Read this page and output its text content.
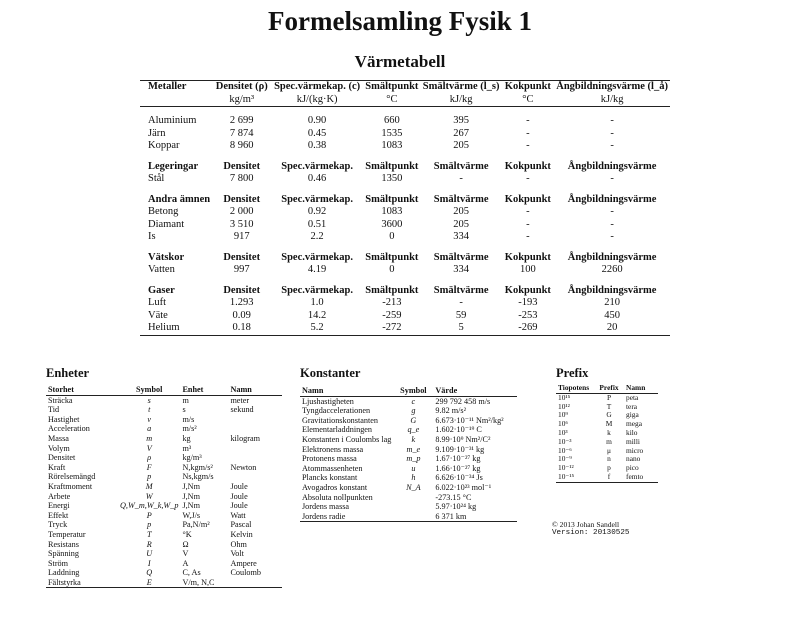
Formelsamling Fysik 1
Värmetabell
Metaller	Densitet (ρ)	Spec.värmekap. (c)	Smältpunkt	Smältvärme (l_s)	Kokpunkt	Ångbildningsvärme (l_å)
	kg/m³	kJ/(kg·K)	°C	kJ/kg	°C	kJ/kg

Aluminium	2 699	0.90	660	395	-	-
Järn	7 874	0.45	1535	267	-	-
Koppar	8 960	0.38	1083	205	-	-

Legeringar	Densitet	Spec.värmekap.	Smältpunkt	Smältvärme	Kokpunkt	Ångbildningsvärme
Stål	7 800	0.46	1350	-	-	-

Andra ämnen	Densitet	Spec.värmekap.	Smältpunkt	Smältvärme	Kokpunkt	Ångbildningsvärme
Betong	2 000	0.92	1083	205	-	-
Diamant	3 510	0.51	3600	205	-	-
Is	917	2.2	0	334	-	-

Vätskor	Densitet	Spec.värmekap.	Smältpunkt	Smältvärme	Kokpunkt	Ångbildningsvärme
Vatten	997	4.19	0	334	100	2260

Gaser	Densitet	Spec.värmekap.	Smältpunkt	Smältvärme	Kokpunkt	Ångbildningsvärme
Luft	1.293	1.0	-213	-	-193	210
Väte	0.09	14.2	-259	59	-253	450
Helium	0.18	5.2	-272	5	-269	20
Enheter
Storhet	Symbol	Enhet	Namn
Sträcka	s	m	meter
Tid	t	s	sekund
Hastighet	v	m/s	
Acceleration	a	m/s²	
Massa	m	kg	kilogram
Volym	V	m³	
Densitet	ρ	kg/m³	
Kraft	F	N,kgm/s²	Newton
Rörelsemängd	p	Ns,kgm/s	
Kraftmoment	M	J,Nm	Joule
Arbete	W	J,Nm	Joule
Energi	Q,W_m,W_k,W_p	J,Nm	Joule
Effekt	P	W,J/s	Watt
Tryck	p	Pa,N/m²	Pascal
Temperatur	T	°K	Kelvin
Resistans	R	Ω	Ohm
Spänning	U	V	Volt
Ström	I	A	Ampere
Laddning	Q	C, As	Coulomb
Fältstyrka	E	V/m, N,C	
Konstanter
Namn	Symbol	Värde
Ljushastigheten	c	299 792 458 m/s
Tyngdaccelerationen	g	9.82 m/s²
Gravitationskonstanten	G	6.673·10⁻¹¹ Nm²/kg²
Elementarladdningen	q_e	1.602·10⁻¹⁹ C
Konstanten i Coulombs lag	k	8.99·10⁹ Nm²/C²
Elektronens massa	m_e	9.109·10⁻³¹ kg
Protonens massa	m_p	1.67·10⁻²⁷ kg
Atommassenheten	u	1.66·10⁻²⁷ kg
Plancks konstant	h	6.626·10⁻³⁴ Js
Avogadros konstant	N_A	6.022·10²³ mol⁻¹
Absoluta nollpunkten		-273.15 °C
Jordens massa		5.97·10²⁴ kg
Jordens radie		6 371 km
Prefix
Tiopotens	Prefix	Namn
10¹⁵	P	peta
10¹²	T	tera
10⁹	G	giga
10⁶	M	mega
10³	k	kilo
10⁻³	m	milli
10⁻⁶	μ	micro
10⁻⁹	n	nano
10⁻¹²	p	pico
10⁻¹⁵	f	femto
© 2013 Johan Sandell
Version: 20130525
